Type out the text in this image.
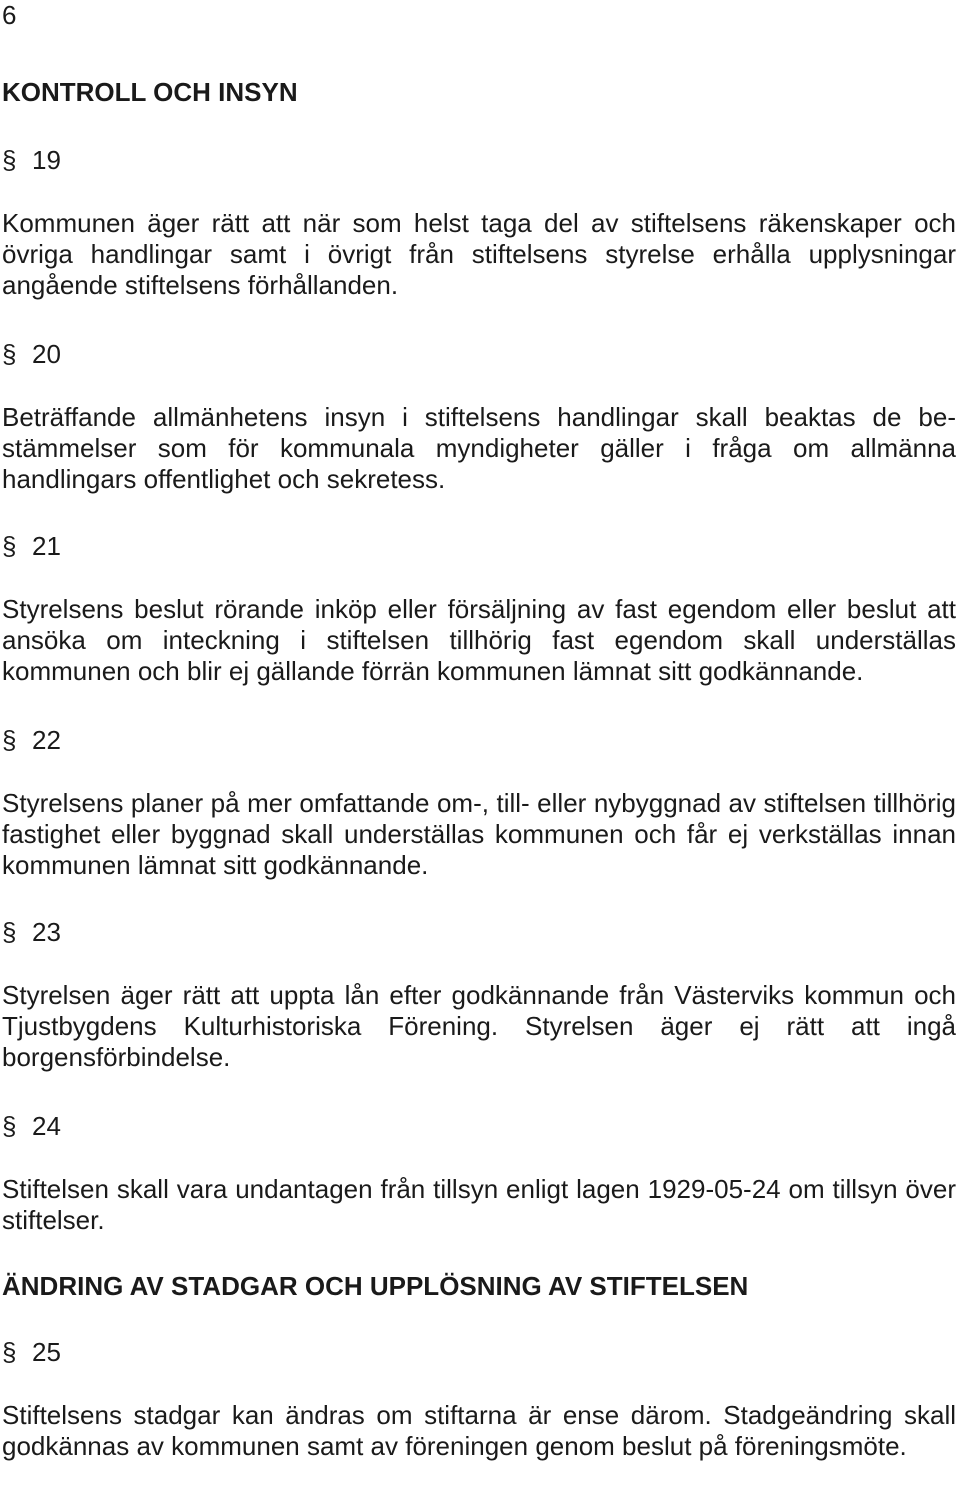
6
KONTROLL OCH INSYN
§ 19
Kommunen äger rätt att när som helst taga del av stiftelsens räkenskaper och övriga handlingar samt i övrigt från stiftelsens styrelse erhålla upplysningar angående stiftelsens förhållanden.
§ 20
Beträffande allmänhetens insyn i stiftelsens handlingar skall beaktas de bestämmelser som för kommunala myndigheter gäller i fråga om allmänna handlingars offentlighet och sekretess.
§ 21
Styrelsens beslut rörande inköp eller försäljning av fast egendom eller beslut att ansöka om inteckning i stiftelsen tillhörig fast egendom skall underställas kommunen och blir ej gällande förrän kommunen lämnat sitt godkännande.
§ 22
Styrelsens planer på mer omfattande om-, till- eller nybyggnad av stiftelsen tillhörig fastighet eller byggnad skall underställas kommunen och får ej verkställas innan kommunen lämnat sitt godkännande.
§ 23
Styrelsen äger rätt att uppta lån efter godkännande från Västerviks kommun och Tjustbygdens Kulturhistoriska Förening. Styrelsen äger ej rätt att ingå borgensförbindelse.
§ 24
Stiftelsen skall vara undantagen från tillsyn enligt lagen 1929-05-24 om tillsyn över stiftelser.
ÄNDRING AV STADGAR OCH UPPLÖSNING AV STIFTELSEN
§ 25
Stiftelsens stadgar kan ändras om stiftarna är ense därom. Stadgeändring skall godkännas av kommunen samt av föreningen genom beslut på föreningsmöte.
